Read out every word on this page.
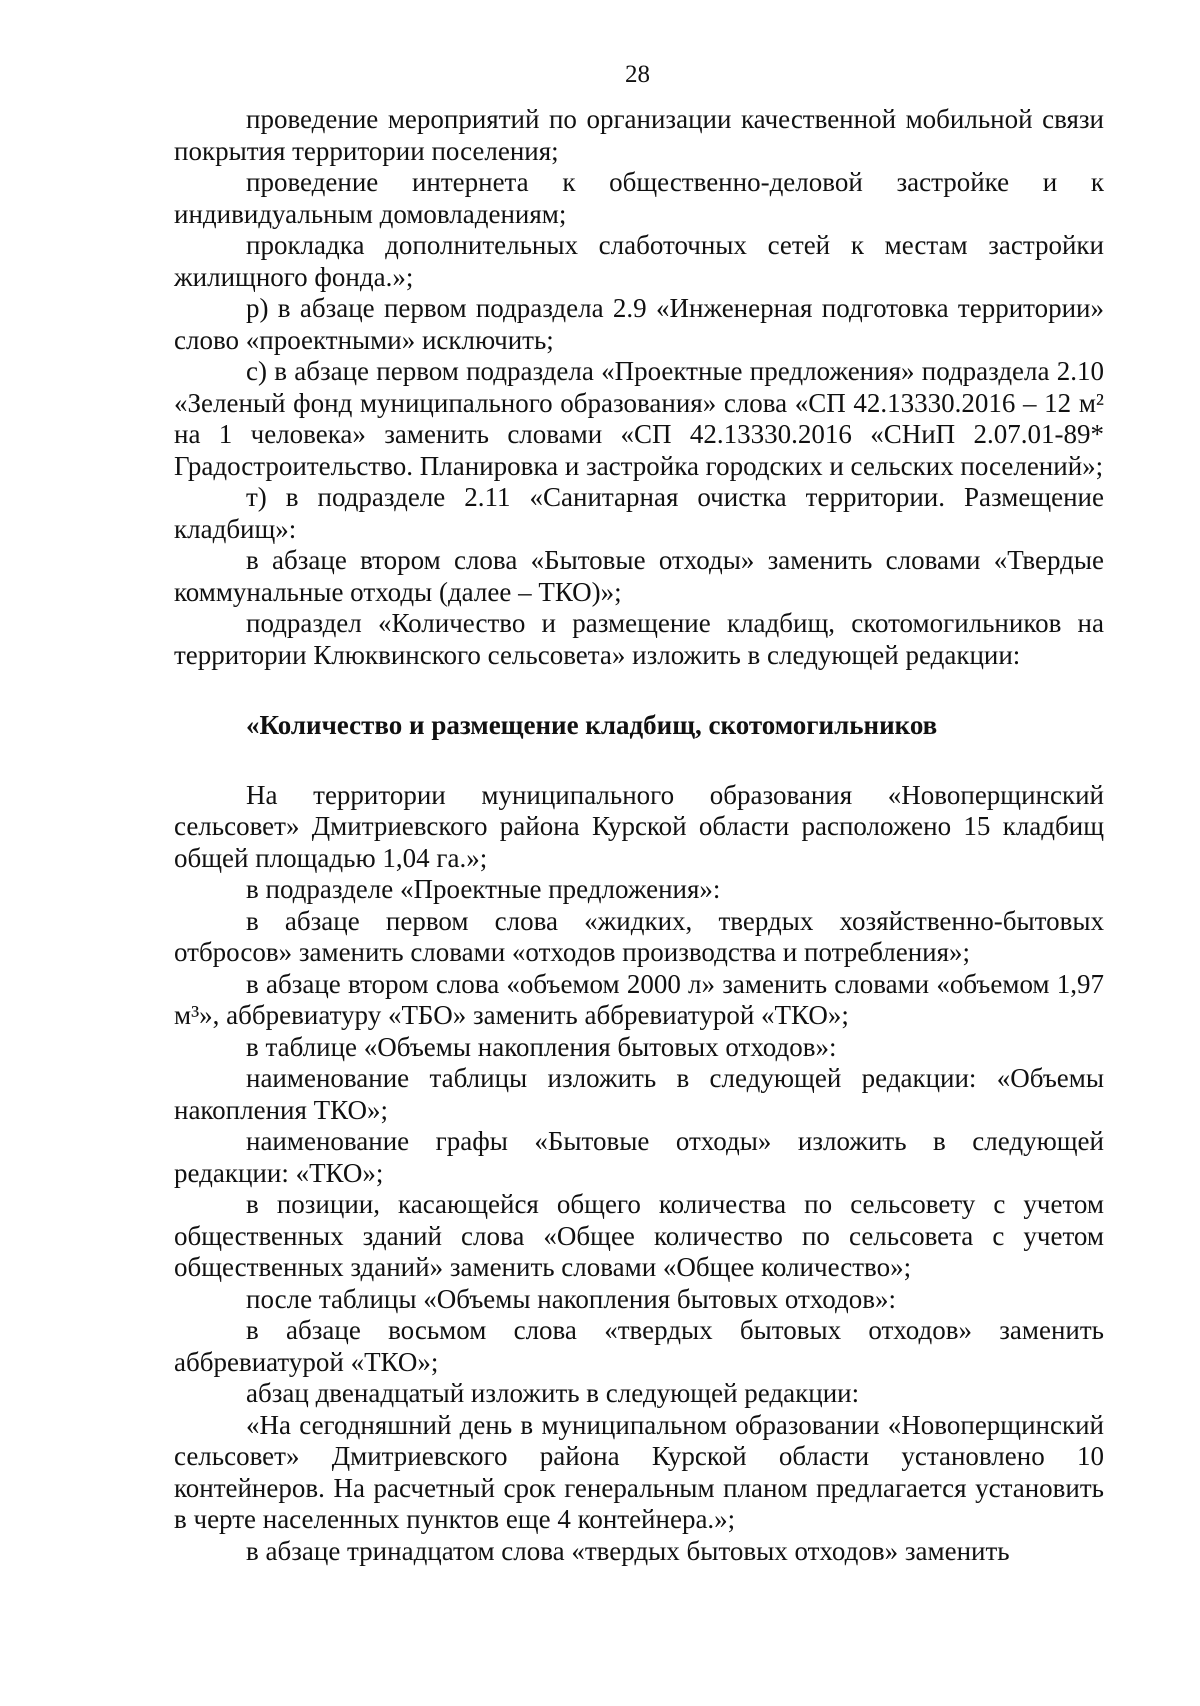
28

проведение мероприятий по организации качественной мобильной связи покрытия территории поселения;

проведение интернета к общественно-деловой застройке и к индивидуальным домовладениям;

прокладка дополнительных слаботочных сетей к местам застройки жилищного фонда.»;

р) в абзаце первом подраздела 2.9 «Инженерная подготовка территории» слово «проектными» исключить;

с) в абзаце первом подраздела «Проектные предложения» подраздела 2.10 «Зеленый фонд муниципального образования» слова «СП 42.13330.2016 – 12 м² на 1 человека» заменить словами «СП 42.13330.2016 «СНиП 2.07.01-89* Градостроительство. Планировка и застройка городских и сельских поселений»;

т) в подразделе 2.11 «Санитарная очистка территории. Размещение кладбищ»:

в абзаце втором слова «Бытовые отходы» заменить словами «Твердые коммунальные отходы (далее – ТКО)»;

подраздел «Количество и размещение кладбищ, скотомогильников на территории Клюквинского сельсовета» изложить в следующей редакции:

«Количество и размещение кладбищ, скотомогильников

На территории муниципального образования «Новоперщинский сельсовет» Дмитриевского района Курской области расположено 15 кладбищ общей площадью 1,04 га.»;

в подразделе «Проектные предложения»:

в абзаце первом слова «жидких, твердых хозяйственно-бытовых отбросов» заменить словами «отходов производства и потребления»;

в абзаце втором слова «объемом 2000 л» заменить словами «объемом 1,97 м³», аббревиатуру «ТБО» заменить аббревиатурой «ТКО»;

в таблице «Объемы накопления бытовых отходов»:

наименование таблицы изложить в следующей редакции: «Объемы накопления ТКО»;

наименование графы «Бытовые отходы» изложить в следующей редакции: «ТКО»;

в позиции, касающейся общего количества по сельсовету с учетом общественных зданий слова «Общее количество по сельсовета с учетом общественных зданий» заменить словами «Общее количество»;

после таблицы «Объемы накопления бытовых отходов»:

в абзаце восьмом слова «твердых бытовых отходов» заменить аббревиатурой «ТКО»;

абзац двенадцатый изложить в следующей редакции:

«На сегодняшний день в муниципальном образовании «Новоперщинский сельсовет» Дмитриевского района Курской области установлено 10 контейнеров. На расчетный срок генеральным планом предлагается установить в черте населенных пунктов еще 4 контейнера.»;

в абзаце тринадцатом слова «твердых бытовых отходов» заменить
